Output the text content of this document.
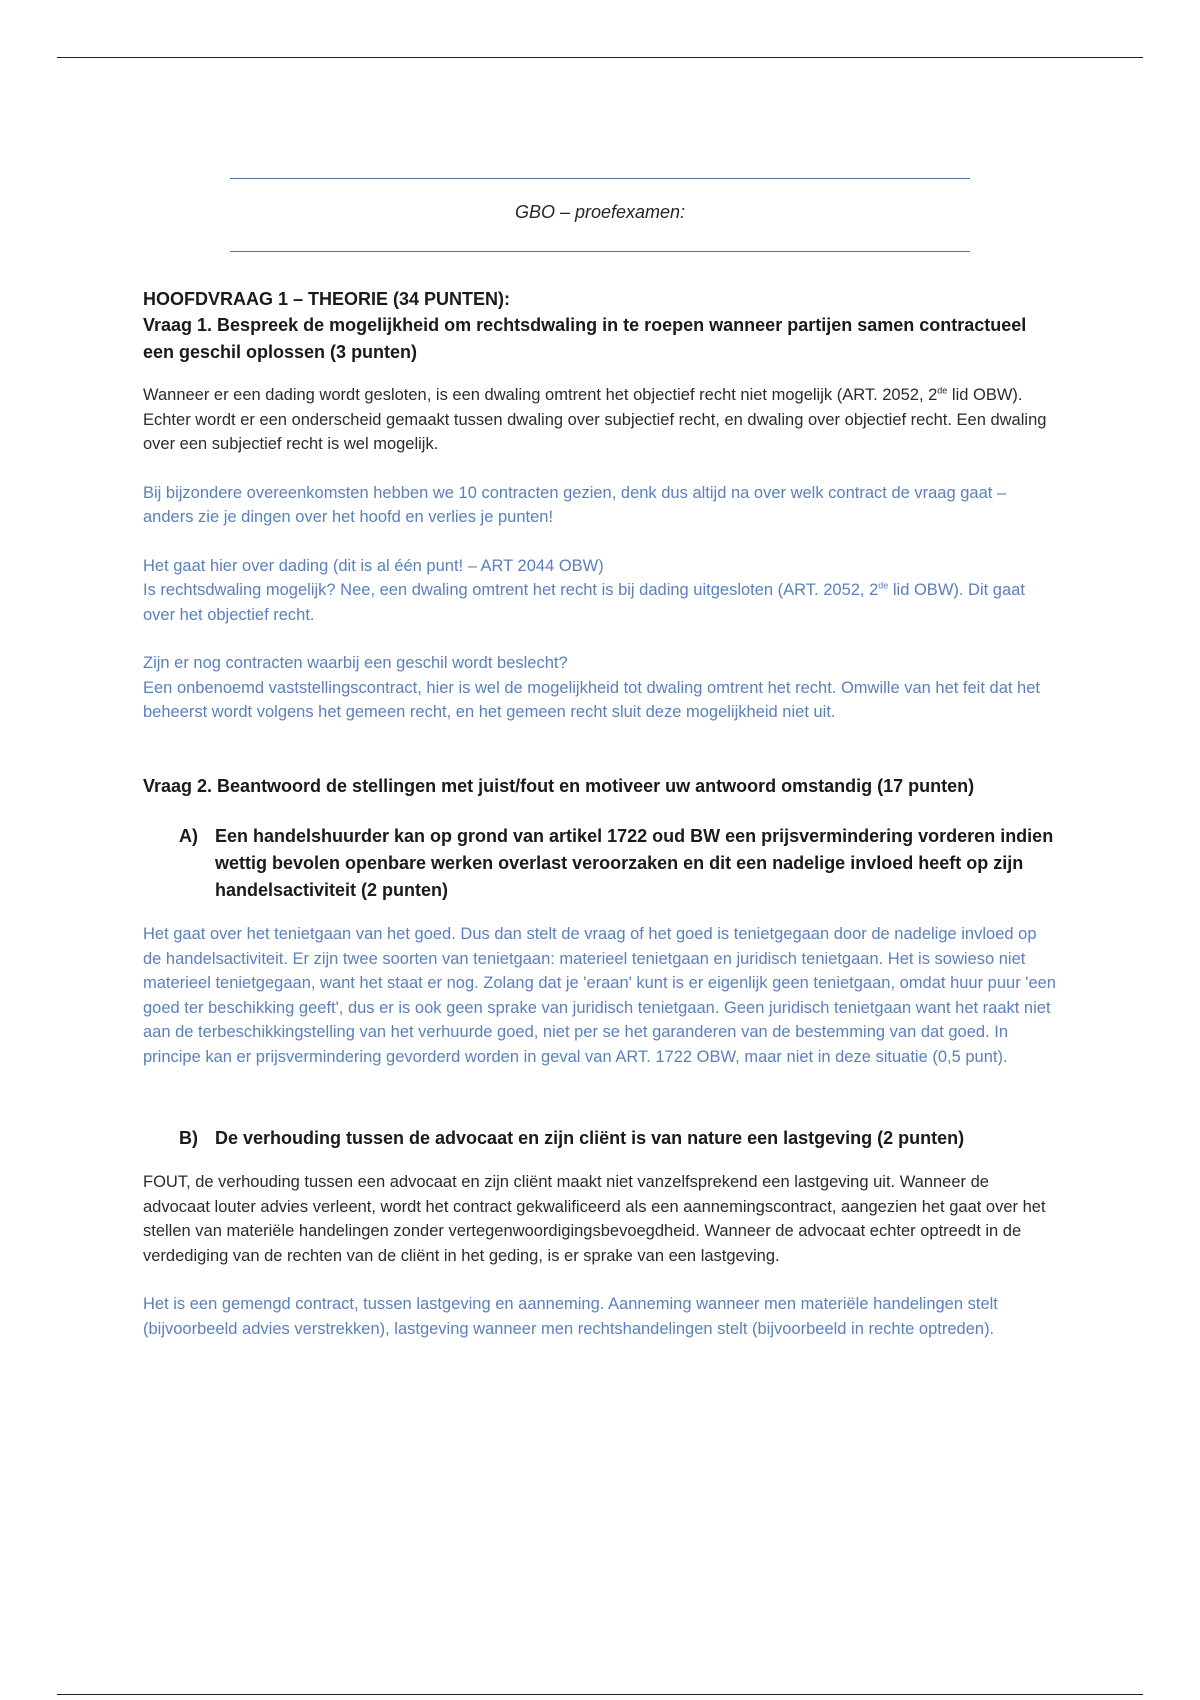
GBO – proefexamen:

HOOFDVRAAG 1 – THEORIE (34 PUNTEN):

Vraag 1. Bespreek de mogelijkheid om rechtsdwaling in te roepen wanneer partijen samen contractueel een geschil oplossen (3 punten)

Wanneer er een dading wordt gesloten, is een dwaling omtrent het objectief recht niet mogelijk (ART. 2052, 2de lid OBW). Echter wordt er een onderscheid gemaakt tussen dwaling over subjectief recht, en dwaling over objectief recht. Een dwaling over een subjectief recht is wel mogelijk.

Bij bijzondere overeenkomsten hebben we 10 contracten gezien, denk dus altijd na over welk contract de vraag gaat – anders zie je dingen over het hoofd en verlies je punten!

Het gaat hier over dading (dit is al één punt! – ART 2044 OBW)

Is rechtsdwaling mogelijk? Nee, een dwaling omtrent het recht is bij dading uitgesloten (ART. 2052, 2de lid OBW). Dit gaat over het objectief recht.

Zijn er nog contracten waarbij een geschil wordt beslecht?

Een onbenoemd vaststellingscontract, hier is wel de mogelijkheid tot dwaling omtrent het recht. Omwille van het feit dat het beheerst wordt volgens het gemeen recht, en het gemeen recht sluit deze mogelijkheid niet uit.

Vraag 2. Beantwoord de stellingen met juist/fout en motiveer uw antwoord omstandig (17 punten)

A) Een handelshuurder kan op grond van artikel 1722 oud BW een prijsvermindering vorderen indien wettig bevolen openbare werken overlast veroorzaken en dit een nadelige invloed heeft op zijn handelsactiviteit (2 punten)

Het gaat over het tenietgaan van het goed. Dus dan stelt de vraag of het goed is tenietgegaan door de nadelige invloed op de handelsactiviteit. Er zijn twee soorten van tenietgaan: materieel tenietgaan en juridisch tenietgaan. Het is sowieso niet materieel tenietgegaan, want het staat er nog. Zolang dat je 'eraan' kunt is er eigenlijk geen tenietgaan, omdat huur puur 'een goed ter beschikking geeft', dus er is ook geen sprake van juridisch tenietgaan. Geen juridisch tenietgaan want het raakt niet aan de terbeschikkingstelling van het verhuurde goed, niet per se het garanderen van de bestemming van dat goed. In principe kan er prijsvermindering gevorderd worden in geval van ART. 1722 OBW, maar niet in deze situatie (0,5 punt).

B) De verhouding tussen de advocaat en zijn cliënt is van nature een lastgeving (2 punten)

FOUT, de verhouding tussen een advocaat en zijn cliënt maakt niet vanzelfsprekend een lastgeving uit. Wanneer de advocaat louter advies verleent, wordt het contract gekwalificeerd als een aannemingscontract, aangezien het gaat over het stellen van materiële handelingen zonder vertegenwoordigingsbevoegdheid. Wanneer de advocaat echter optreedt in de verdediging van de rechten van de cliënt in het geding, is er sprake van een lastgeving.

Het is een gemengd contract, tussen lastgeving en aanneming. Aanneming wanneer men materiële handelingen stelt (bijvoorbeeld advies verstrekken), lastgeving wanneer men rechtshandelingen stelt (bijvoorbeeld in rechte optreden).
